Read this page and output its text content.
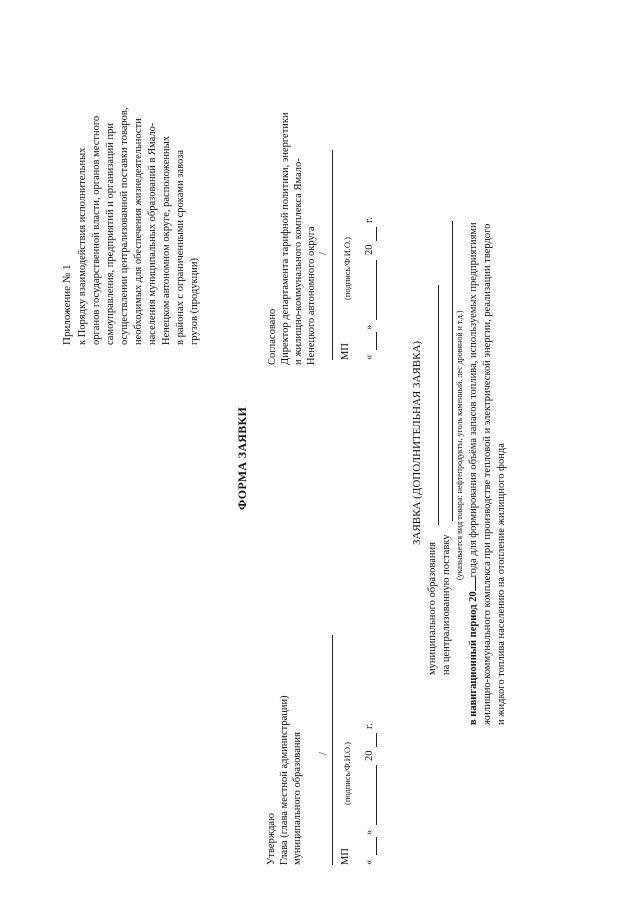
Приложение № 1 к Порядку взаимодействия исполнительных органов государственной власти, органов местного самоуправления, предприятий и организаций при осуществлении централизованной поставки товаров, необходимых для обеспечения жизнедеятельности населения муниципальных образований в Ямало- Ненецком автономном округе, расположенных в районах с ограниченными сроками завоза грузов (продукции)
ФОРМА ЗАЯВКИ
Утверждаю Глава (глава местной администрации) муниципального образования /
МП
(подпись/Ф.И.О.)
«
»
20
г.
Согласовано Директор департамента тарифной политики, энергетики и жилищно-коммунального комплекса Ямало- Ненецкого автономного округа /
МП
(подпись/Ф.И.О.)
«
»
20
г.
ЗАЯВКА (ДОПОЛНИТЕЛЬНАЯ ЗАЯВКА)
муниципального образования на централизованную поставку
(указывается вид товара: нефтепродукты, уголь каменный, лес дровяной и т.д.)
в навигационный период 20года для формирования объёма запасов топлива, используемых предприятиями жилищно-коммунального комплекса при производстве тепловой и электрической энергии, реализации твердого и жидкого топлива населению на отопление жилищного фонда
